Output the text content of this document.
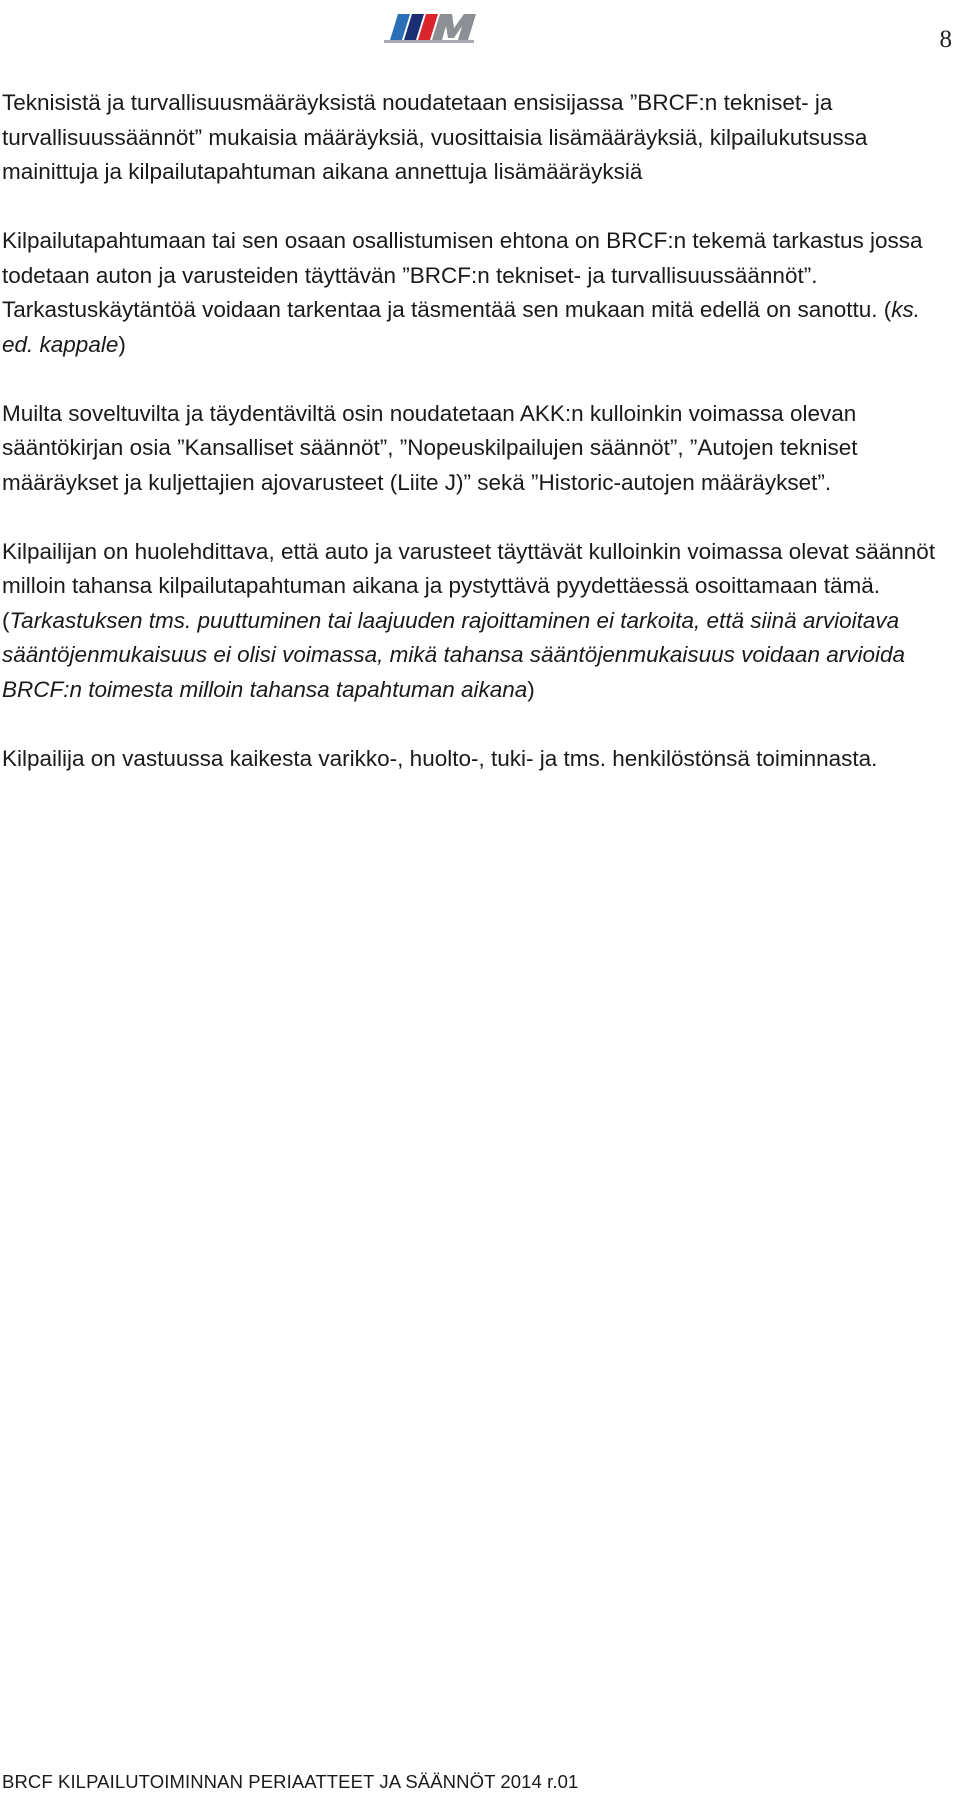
8

Teknisistä ja turvallisuusmääräyksistä noudatetaan ensisijassa ”BRCF:n tekniset- ja turvallisuussäännöt” mukaisia määräyksiä, vuosittaisia lisämääräyksiä, kilpailukutsussa mainittuja ja kilpailutapahtuman aikana annettuja lisämääräyksiä

Kilpailutapahtumaan tai sen osaan osallistumisen ehtona on BRCF:n tekemä tarkastus jossa todetaan auton ja varusteiden täyttävän ”BRCF:n tekniset- ja turvallisuussäännöt”. Tarkastuskäytäntöä voidaan tarkentaa ja täsmentää sen mukaan mitä edellä on sanottu. (ks. ed. kappale)

Muilta soveltuvilta ja täydentäviltä osin noudatetaan AKK:n kulloinkin voimassa olevan sääntökirjan osia ”Kansalliset säännöt”, ”Nopeuskilpailujen säännöt”, ”Autojen tekniset määräykset ja kuljettajien ajovarusteet (Liite J)” sekä ”Historic-autojen määräykset”.

Kilpailijan on huolehdittava, että auto ja varusteet täyttävät kulloinkin voimassa olevat säännöt milloin tahansa kilpailutapahtuman aikana ja pystyttävä pyydettäessä osoittamaan tämä. (Tarkastuksen tms. puuttuminen tai laajuuden rajoittaminen ei tarkoita, että siinä arvioitava sääntöjenmukaisuus ei olisi voimassa, mikä tahansa sääntöjenmukaisuus voidaan arvioida BRCF:n toimesta milloin tahansa tapahtuman aikana)

Kilpailija on vastuussa kaikesta varikko-, huolto-, tuki- ja tms. henkilöstönsä toiminnasta.

BRCF KILPAILUTOIMINNAN PERIAATTEET JA SÄÄNNÖT 2014 r.01
